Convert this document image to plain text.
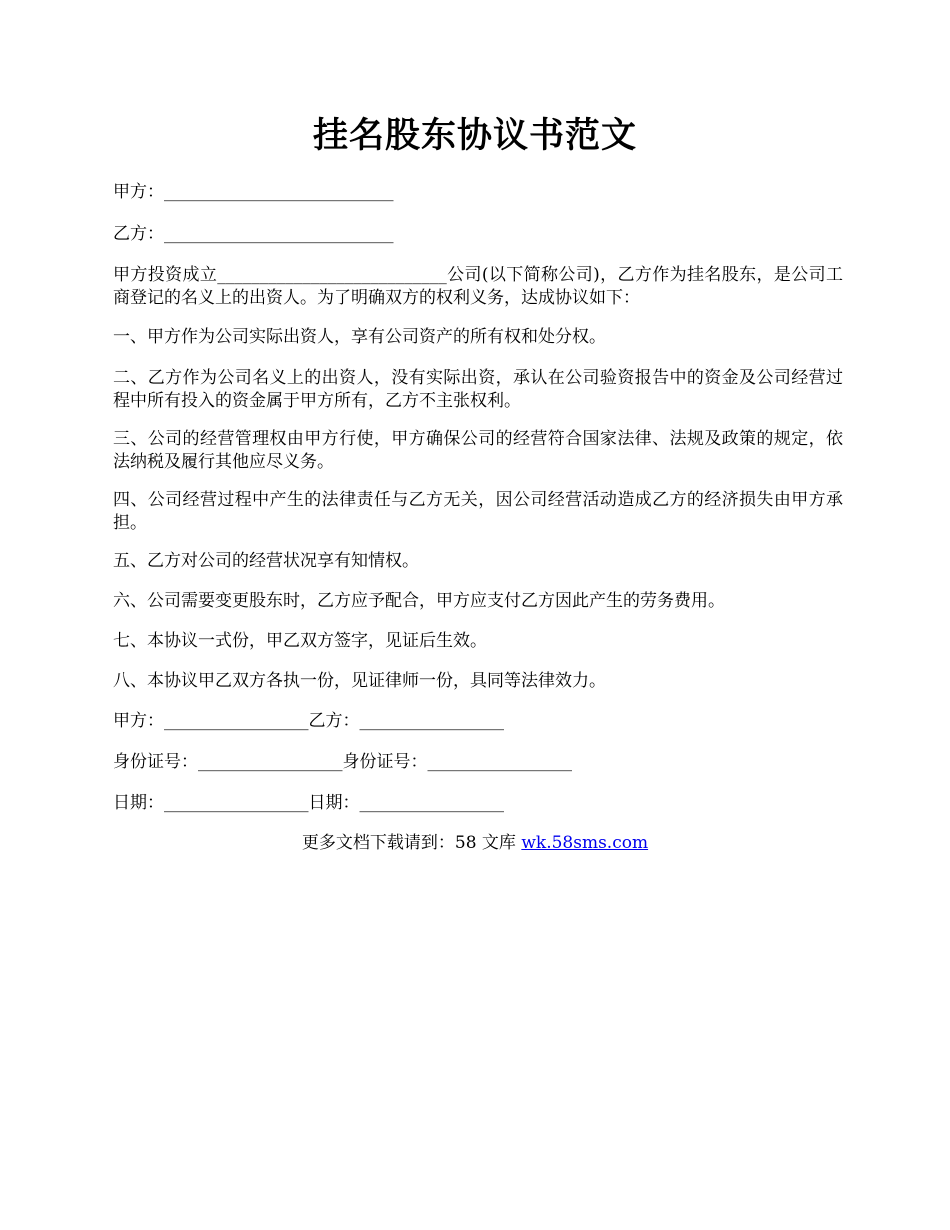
挂名股东协议书范文
甲方：___________________________
乙方：___________________________
甲方投资成立___________________________公司(以下简称公司)，乙方作为挂名股东，是公司工商登记的名义上的出资人。为了明确双方的权利义务，达成协议如下：
一、甲方作为公司实际出资人，享有公司资产的所有权和处分权。
二、乙方作为公司名义上的出资人，没有实际出资，承认在公司验资报告中的资金及公司经营过程中所有投入的资金属于甲方所有，乙方不主张权利。
三、公司的经营管理权由甲方行使，甲方确保公司的经营符合国家法律、法规及政策的规定，依法纳税及履行其他应尽义务。
四、公司经营过程中产生的法律责任与乙方无关，因公司经营活动造成乙方的经济损失由甲方承担。
五、乙方对公司的经营状况享有知情权。
六、公司需要变更股东时，乙方应予配合，甲方应支付乙方因此产生的劳务费用。
七、本协议一式份，甲乙双方签字，见证后生效。
八、本协议甲乙双方各执一份，见证律师一份，具同等法律效力。
甲方：_________________乙方：_________________
身份证号：_________________身份证号：_________________
日期：_________________日期：_________________
更多文档下载请到：58 文库 wk.58sms.com
